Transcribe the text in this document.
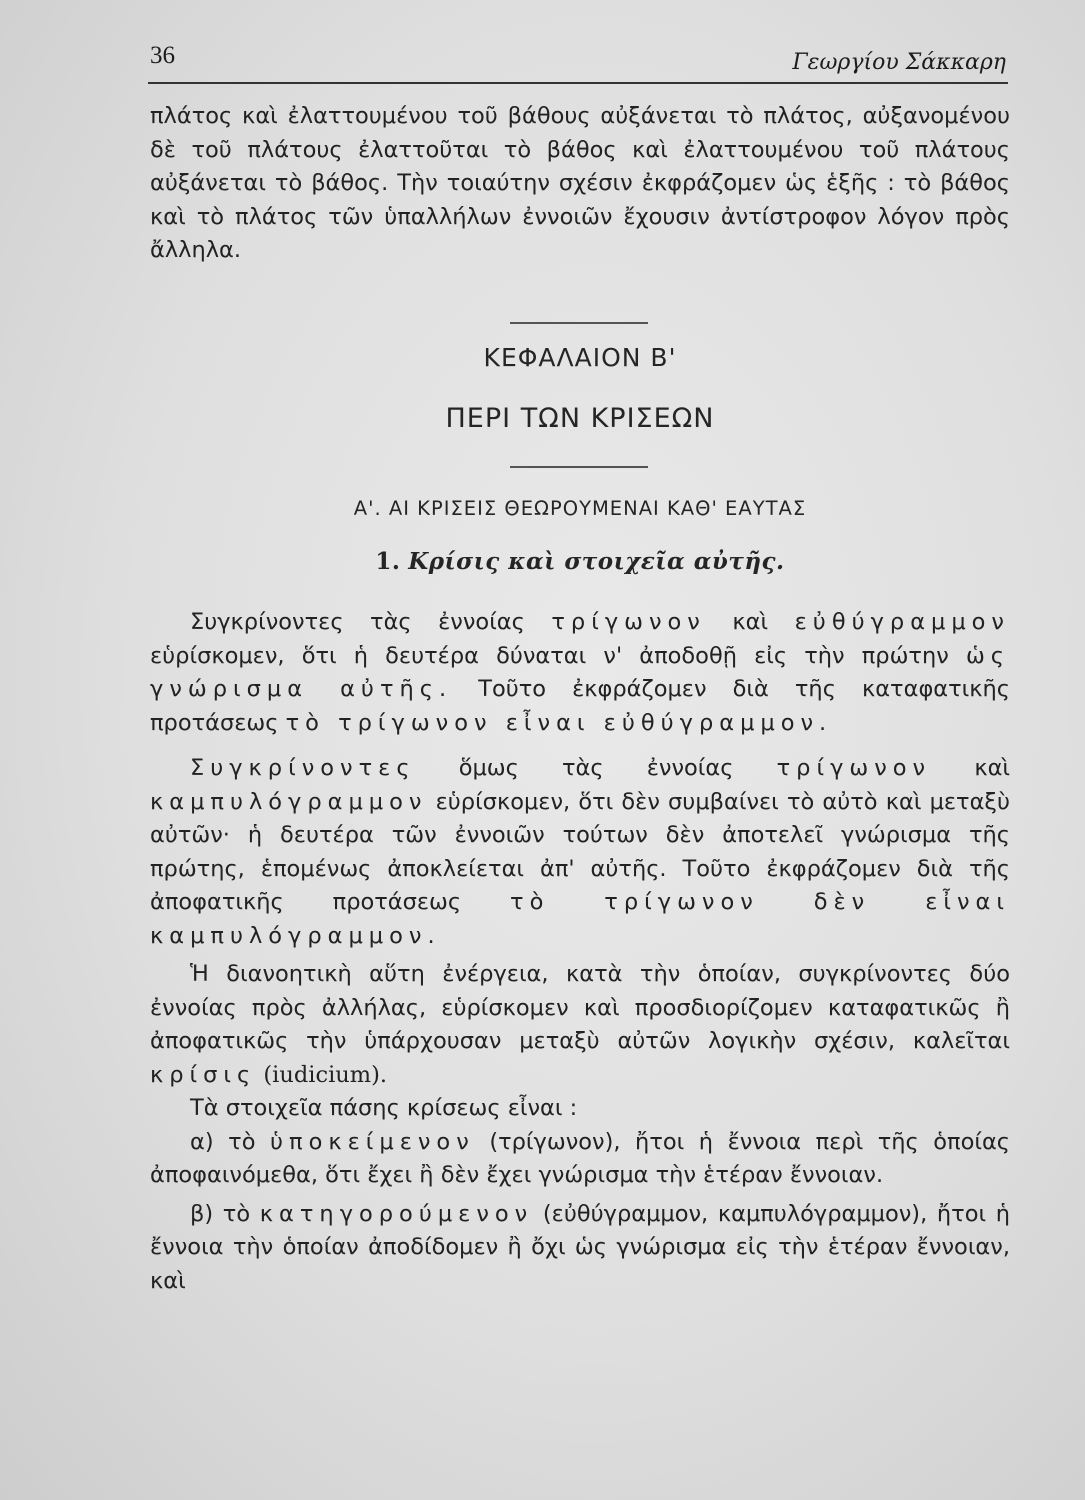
36	Γεωργίου Σάκκαρη

πλάτος καὶ ἐλαττουμένου τοῦ βάθους αὐξάνεται τὸ πλάτος, αὐξανομένου δὲ τοῦ πλάτους ἐλαττοῦται τὸ βάθος καὶ ἐλαττουμένου τοῦ πλάτους αὐξάνεται τὸ βάθος. Τὴν τοιαύτην σχέσιν ἐκφράζομεν ὡς ἑξῆς : τὸ βάθος καὶ τὸ πλάτος τῶν ὑπαλλήλων ἐννοιῶν ἔχουσιν ἀντίστροφον λόγον πρὸς ἄλληλα.

ΚΕΦΑΛΑΙΟΝ Β'
ΠΕΡΙ ΤΩΝ ΚΡΙΣΕΩΝ
Α'. ΑΙ ΚΡΙΣΕΙΣ ΘΕΩΡΟΥΜΕΝΑΙ ΚΑΘ' ΕΑΥΤΑΣ
1. Κρίσις καὶ στοιχεῖα αὐτῆς.

Συγκρίνοντες τὰς ἐννοίας τρίγωνον καὶ εὐθύγραμμον εὑρίσκομεν, ὅτι ἡ δευτέρα δύναται ν' ἀποδοθῇ εἰς τὴν πρώτην ὡς γνώρισμα αὐτῆς. Τοῦτο ἐκφράζομεν διὰ τῆς καταφατικῆς προτάσεως τὸ τρίγωνον εἶναι εὐθύγραμμον.

Συγκρίνοντες ὅμως τὰς ἐννοίας τρίγωνον καὶ καμπυλόγραμμον εὑρίσκομεν, ὅτι δὲν συμβαίνει τὸ αὐτὸ καὶ μεταξὺ αὐτῶν· ἡ δευτέρα τῶν ἐννοιῶν τούτων δὲν ἀποτελεῖ γνώρισμα τῆς πρώτης, ἑπομένως ἀποκλείεται ἀπ' αὐτῆς. Τοῦτο ἐκφράζομεν διὰ τῆς ἀποφατικῆς προτάσεως τὸ τρίγωνον δὲν εἶναι καμπυλόγραμμον.

Ἡ διανοητικὴ αὕτη ἐνέργεια, κατὰ τὴν ὁποίαν, συγκρίνοντες δύο ἐννοίας πρὸς ἀλλήλας, εὑρίσκομεν καὶ προσδιορίζομεν καταφατικῶς ἢ ἀποφατικῶς τὴν ὑπάρχουσαν μεταξὺ αὐτῶν λογικὴν σχέσιν, καλεῖται κρίσις (iudicium).

Τὰ στοιχεῖα πάσης κρίσεως εἶναι :

α) τὸ ὑποκείμενον (τρίγωνον), ἤτοι ἡ ἔννοια περὶ τῆς ὁποίας ἀποφαινόμεθα, ὅτι ἔχει ἢ δὲν ἔχει γνώρισμα τὴν ἑτέραν ἔννοιαν.

β) τὸ κατηγορούμενον (εὐθύγραμμον, καμπυλόγραμμον), ἤτοι ἡ ἔννοια τὴν ὁποίαν ἀποδίδομεν ἢ ὄχι ὡς γνώρισμα εἰς τὴν ἑτέραν ἔννοιαν, καὶ
